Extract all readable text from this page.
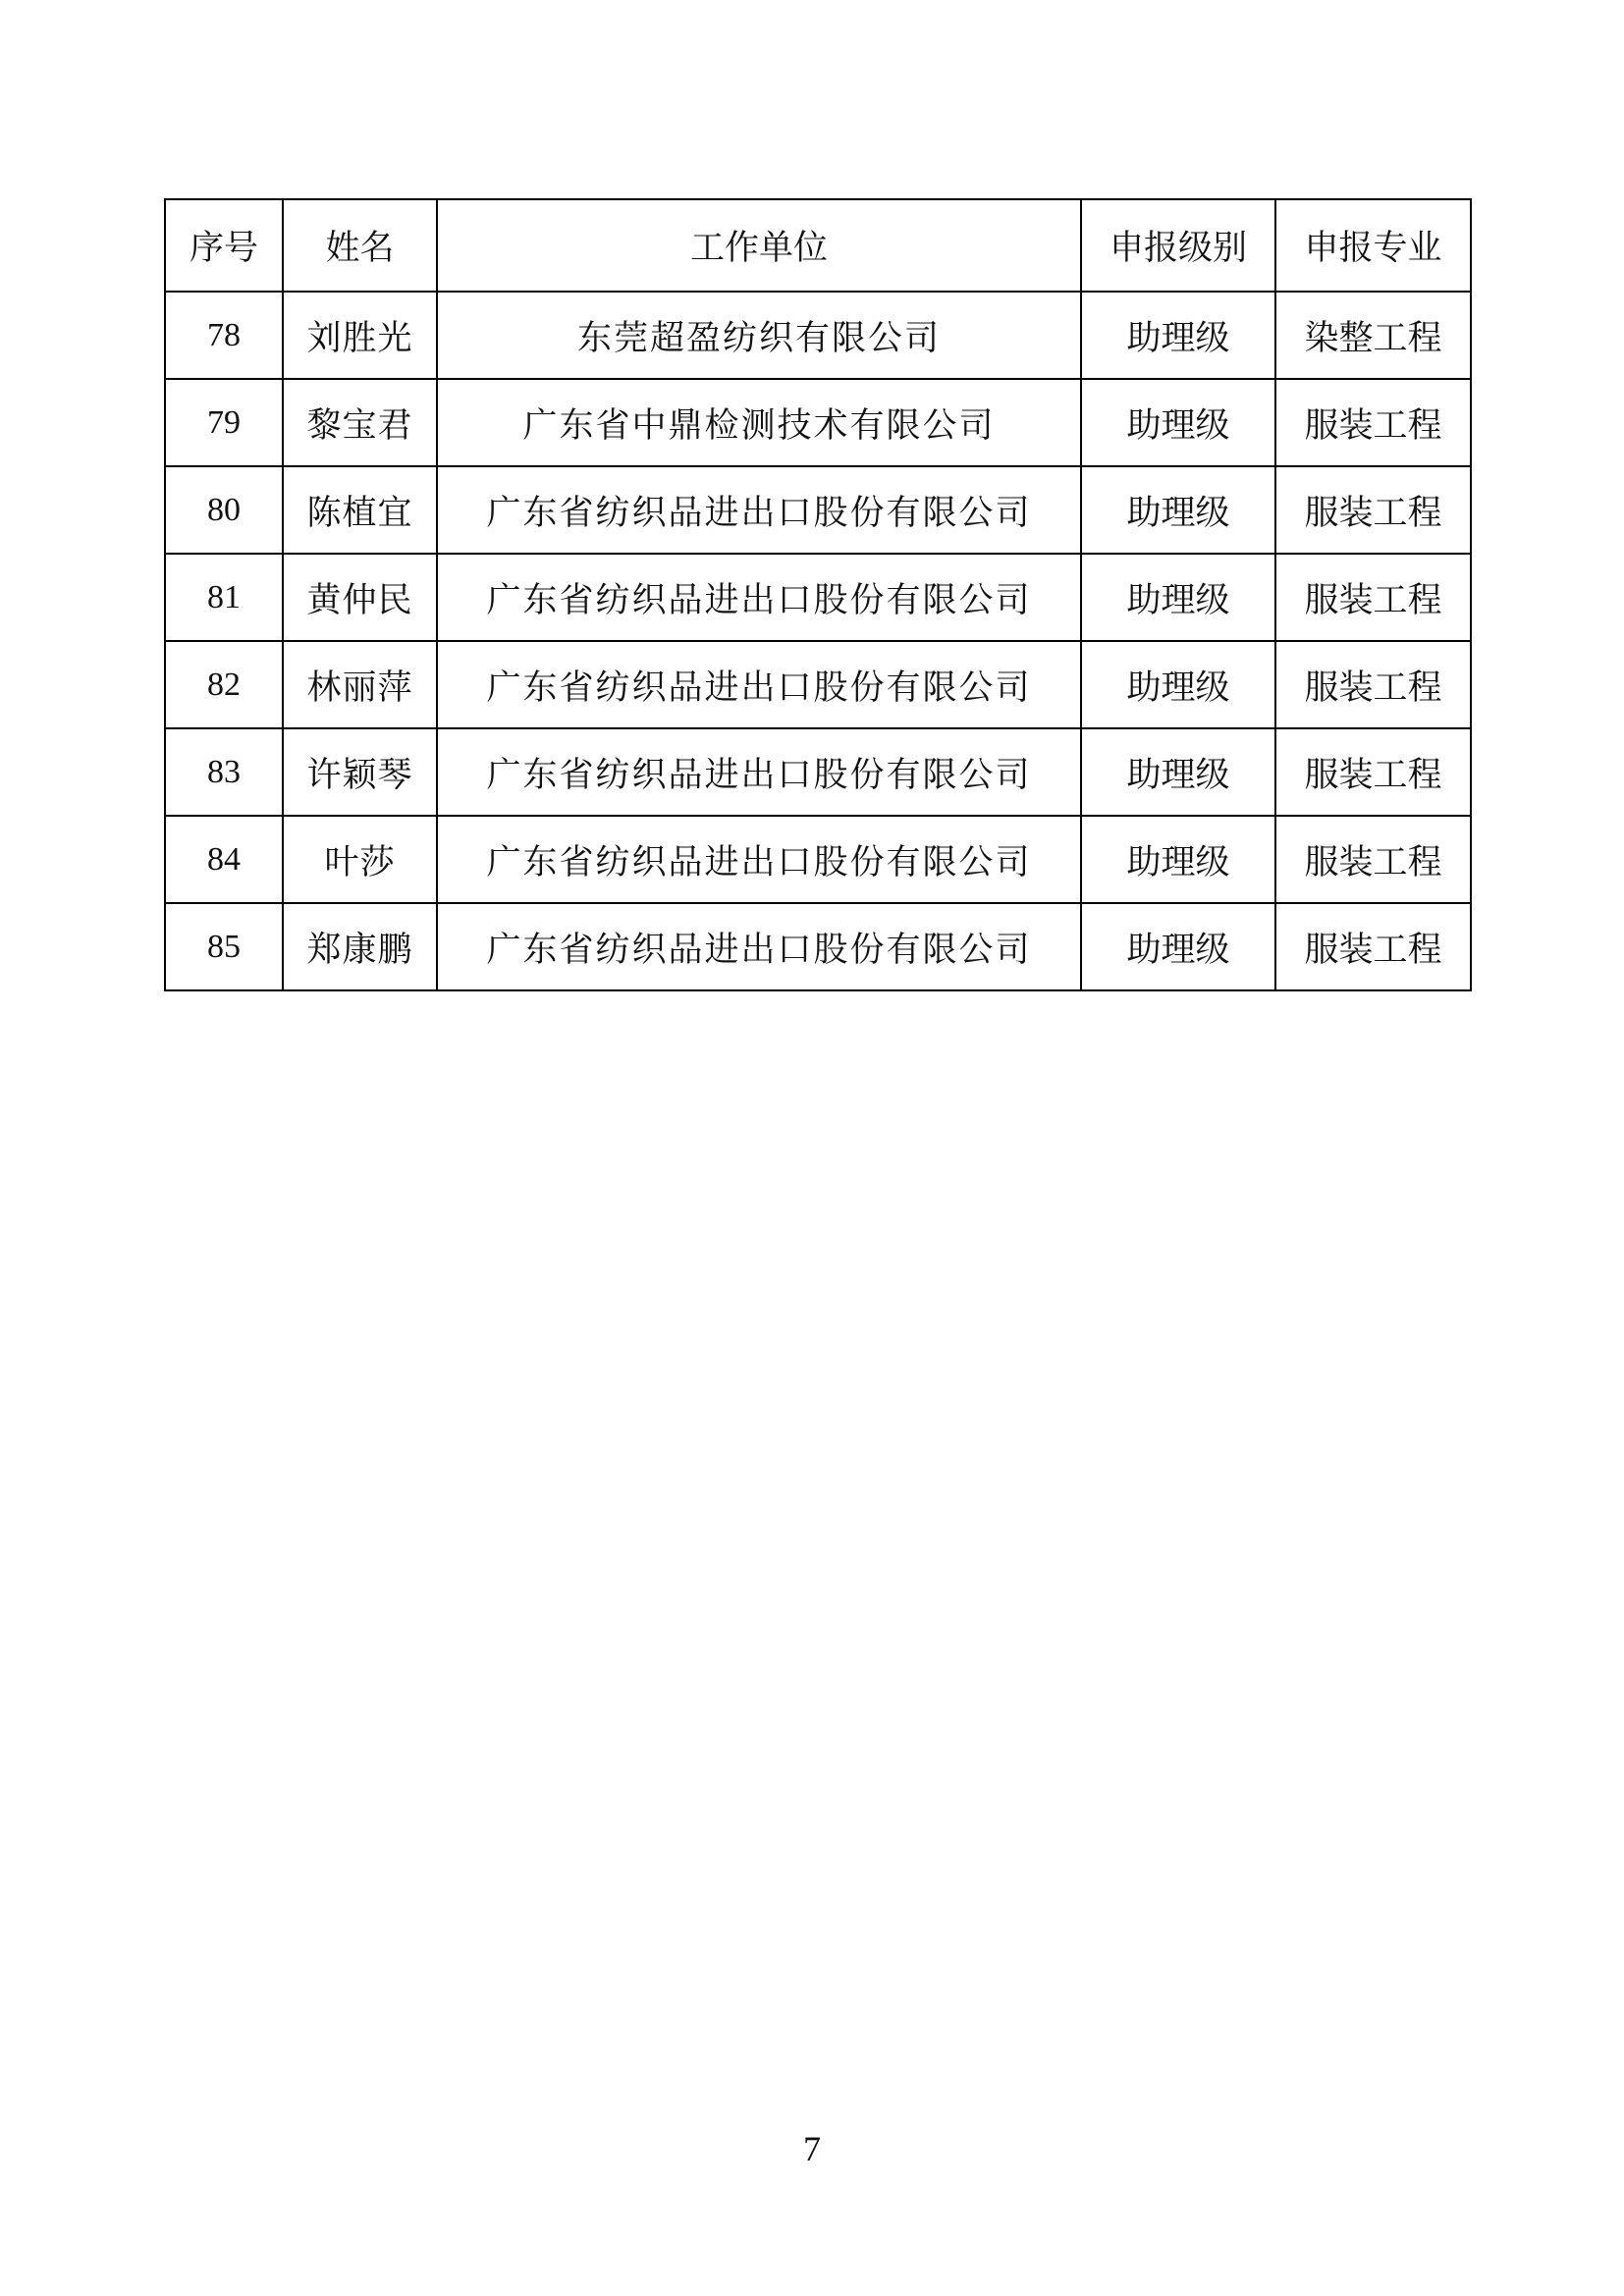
序号	姓名	工作单位	申报级别	申报专业
78	刘胜光	东莞超盈纺织有限公司	助理级	染整工程
79	黎宝君	广东省中鼎检测技术有限公司	助理级	服装工程
80	陈植宜	广东省纺织品进出口股份有限公司	助理级	服装工程
81	黄仲民	广东省纺织品进出口股份有限公司	助理级	服装工程
82	林丽萍	广东省纺织品进出口股份有限公司	助理级	服装工程
83	许颖琴	广东省纺织品进出口股份有限公司	助理级	服装工程
84	叶莎	广东省纺织品进出口股份有限公司	助理级	服装工程
85	郑康鹏	广东省纺织品进出口股份有限公司	助理级	服装工程
7
